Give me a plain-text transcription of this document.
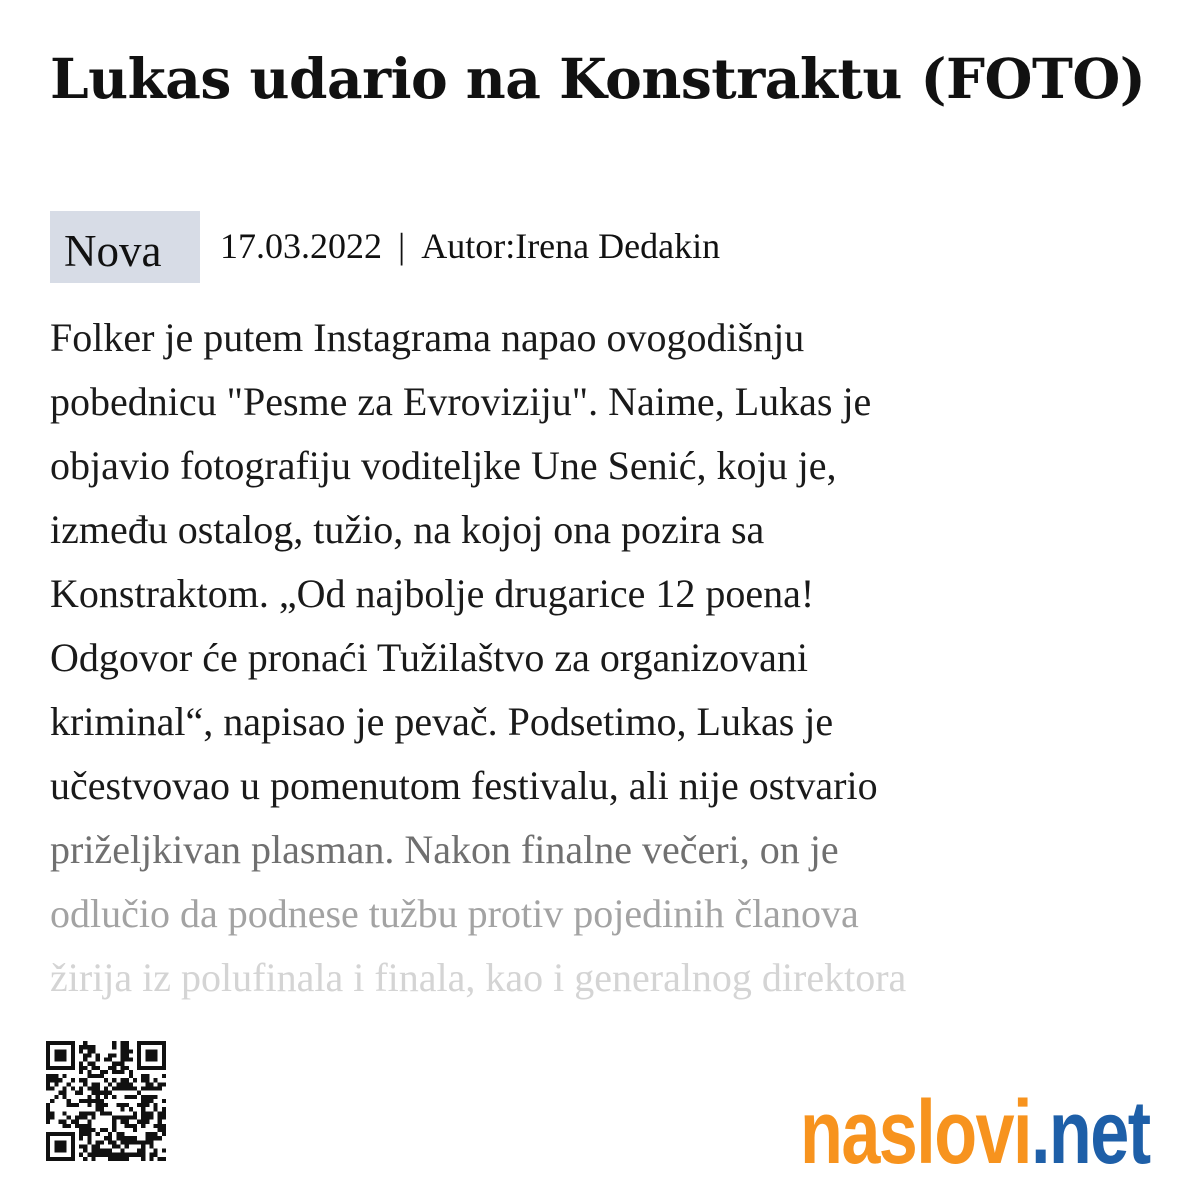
Lukas udario na Konstraktu (FOTO)
Nova	17.03.2022 | Autor:Irena Dedakin
Folker je putem Instagrama napao ovogodišnju
pobednicu "Pesme za Evroviziju". Naime, Lukas je
objavio fotografiju voditeljke Une Senić, koju je,
između ostalog, tužio, na kojoj ona pozira sa
Konstraktom. „Od najbolje drugarice 12 poena!
Odgovor će pronaći Tužilaštvo za organizovani
kriminal“, napisao je pevač. Podsetimo, Lukas je
učestvovao u pomenutom festivalu, ali nije ostvario
priželjkivan plasman. Nakon finalne večeri, on je
odlučio da podnese tužbu protiv pojedinih članova
žirija iz polufinala i finala, kao i generalnog direktora
naslovi . net
